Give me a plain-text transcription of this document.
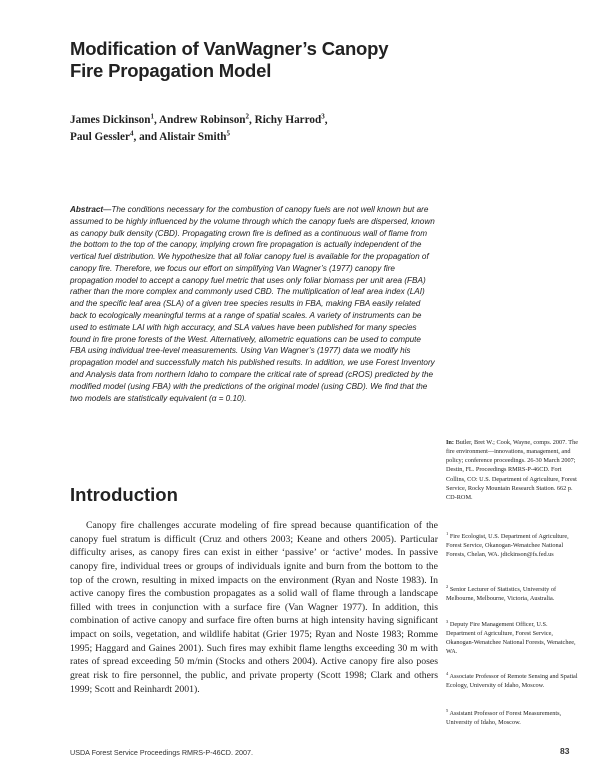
Modification of VanWagner’s Canopy
Fire Propagation Model

James Dickinson$^1$, Andrew Robinson$^2$, Richy Harrod$^3$,
Paul Gessler$^4$, and Alistair Smith$^5$

Abstract—The conditions necessary for the combustion of canopy fuels are not well known but are assumed to be highly influenced by the volume through which the canopy fuels are dispersed, known as canopy bulk density (CBD). Propagating crown fire is defined as a continuous wall of flame from the bottom to the top of the canopy, implying crown fire propagation is actually independent of the vertical fuel distribution. We hypothesize that all foliar canopy fuel is available for the propagation of canopy fire. Therefore, we focus our effort on simplifying Van Wagner’s (1977) canopy fire propagation model to accept a canopy fuel metric that uses only foliar biomass per unit area (FBA) rather than the more complex and commonly used CBD. The multiplication of leaf area index (LAI) and the specific leaf area (SLA) of a given tree species results in FBA, making FBA easily related back to ecologically meaningful terms at a range of spatial scales. A variety of instruments can be used to estimate LAI with high accuracy, and SLA values have been published for many species found in fire prone forests of the West. Alternatively, allometric equations can be used to compute FBA using individual tree-level measurements. Using Van Wagner’s (1977) data we modify his propagation model and successfully match his published results. In addition, we use Forest Inventory and Analysis data from northern Idaho to compare the critical rate of spread (cROS) predicted by the modified model (using FBA) with the predictions of the original model (using CBD). We find that the two models are statistically equivalent (α = 0.10).

Introduction

Canopy fire challenges accurate modeling of fire spread because quantification of the canopy fuel stratum is difficult (Cruz and others 2003; Keane and others 2005). Particular difficulty arises, as canopy fires can exist in either ‘passive’ or ‘active’ modes. In passive canopy fire, individual trees or groups of individuals ignite and burn from the bottom to the top of the crown, resulting in mixed impacts on the environment (Ryan and Noste 1983). In active canopy fires the combustion propagates as a solid wall of flame through a landscape filled with trees in conjunction with a surface fire (Van Wagner 1977). In addition, this combination of active canopy and surface fire often burns at high intensity having significant impact on soils, vegetation, and wildlife habitat (Grier 1975; Ryan and Noste 1983; Romme 1995; Haggard and Gaines 2001). Such fires may exhibit flame lengths exceeding 30 m with rates of spread exceeding 50 m/min (Stocks and others 2004). Active canopy fire also poses great risk to fire personnel, the public, and private property (Scott 1998; Clark and others 1999; Scott and Reinhardt 2001).

In: Butler, Bret W.; Cook, Wayne, comps. 2007. The fire environment—innovations, management, and policy; conference proceedings. 26-30 March 2007; Destin, FL. Proceedings RMRS-P-46CD. Fort Collins, CO: U.S. Department of Agriculture, Forest Service, Rocky Mountain Research Station. 662 p. CD-ROM.

$^1$ Fire Ecologist, U.S. Department of Agriculture, Forest Service, Okanogan-Wenatchee National Forests, Chelan, WA. jdickinson@fs.fed.us

$^2$ Senior Lecturer of Statistics, University of Melbourne, Melbourne, Victoria, Australia.

$^3$ Deputy Fire Management Officer, U.S. Department of Agriculture, Forest Service, Okanogan-Wenatchee National Forests, Wenatchee, WA.

$^4$ Associate Professor of Remote Sensing and Spatial Ecology, University of Idaho, Moscow.

$^5$ Assistant Professor of Forest Measurements, University of Idaho, Moscow.

USDA Forest Service Proceedings RMRS-P-46CD. 2007.	83
